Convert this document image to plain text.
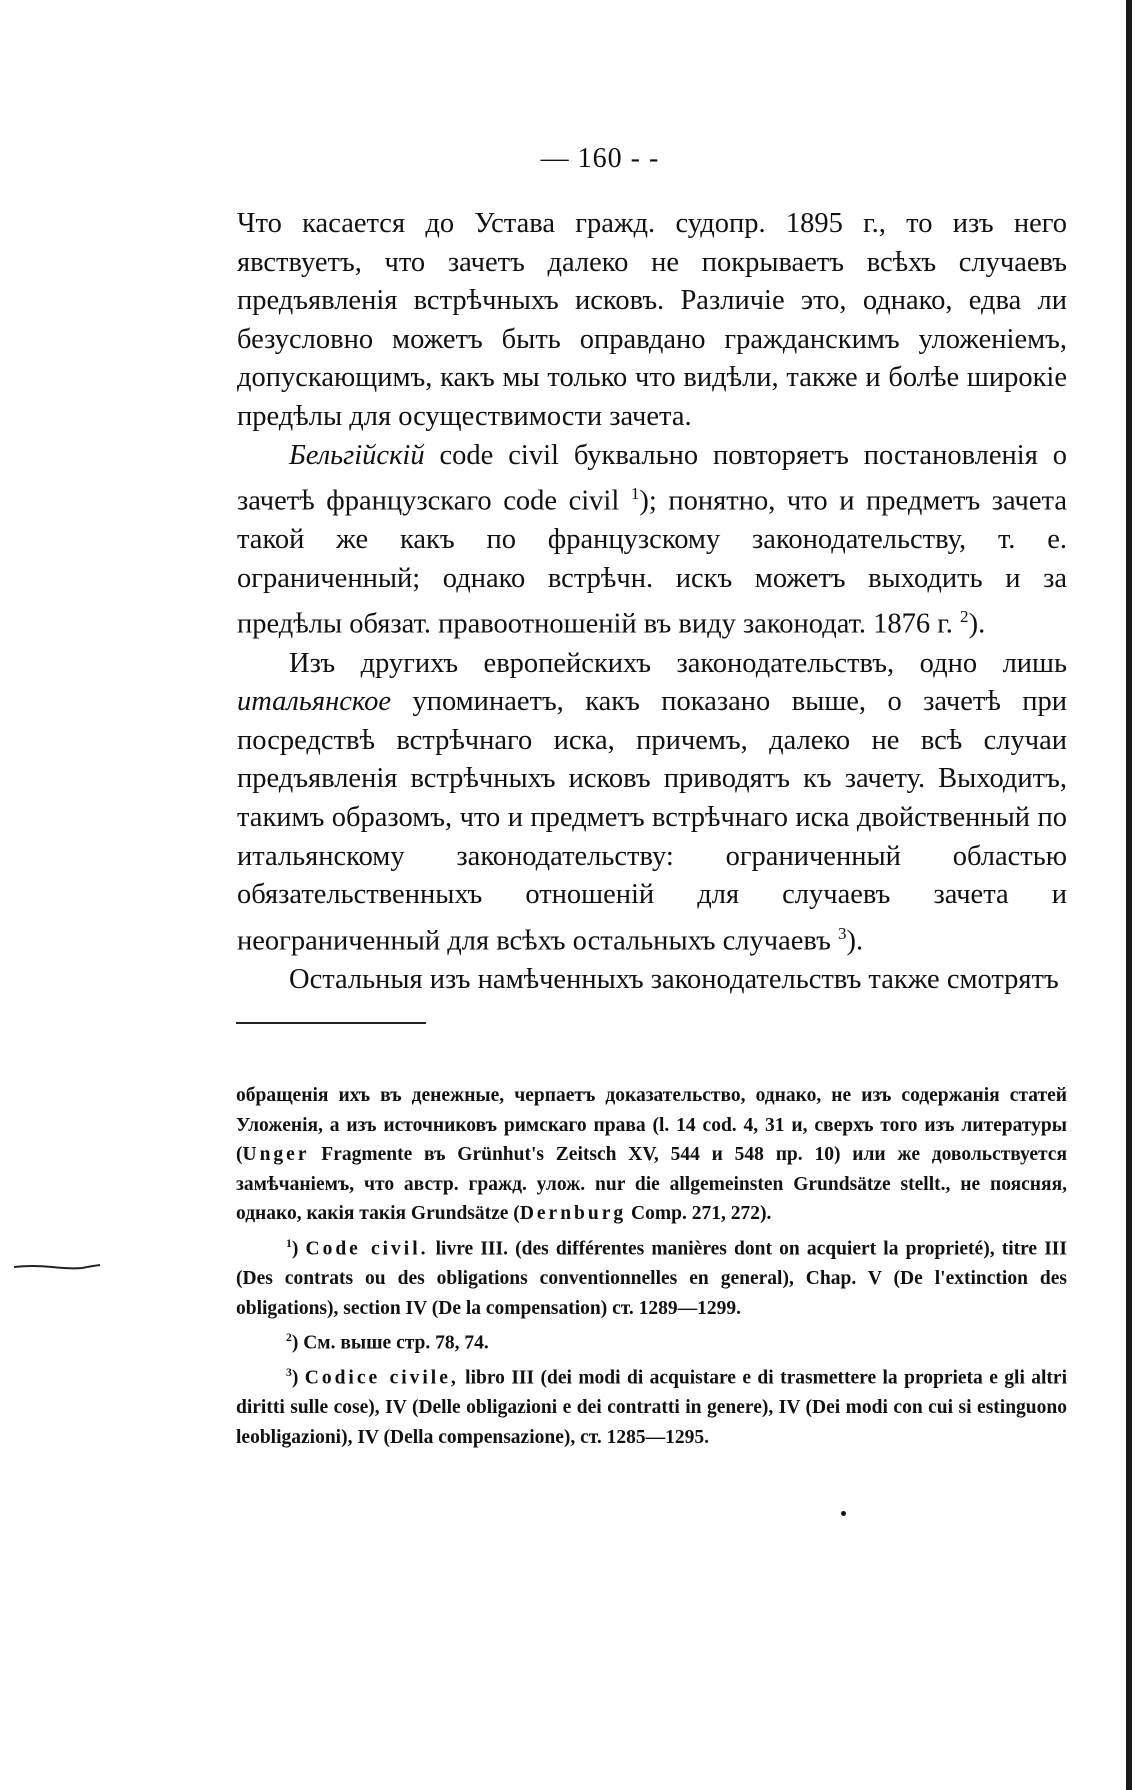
— 160 - -

Что касается до Устава гражд. судопр. 1895 г., то изъ него явствуетъ, что зачетъ далеко не покрываетъ всѣхъ случаевъ предъявленія встрѣчныхъ исковъ. Различіе это, однако, едва ли безусловно можетъ быть оправдано гражданскимъ уложеніемъ, допускающимъ, какъ мы только что видѣли, также и болѣе широкіе предѣлы для осуществимости зачета.

Бельгійскій code civil буквально повторяетъ постановленія о зачетѣ французскаго code civil $^1$); понятно, что и предметъ зачета такой же какъ по французскому законодательству, т. е. ограниченный; однако встрѣчн. искъ можетъ выходить и за предѣлы обязат. правоотношеній въ виду законодат. 1876 г. $^2$).

Изъ другихъ европейскихъ законодательствъ, одно лишь итальянское упоминаетъ, какъ показано выше, о зачетѣ при посредствѣ встрѣчнаго иска, причемъ, далеко не всѣ случаи предъявленія встрѣчныхъ исковъ приводятъ къ зачету. Выходитъ, такимъ образомъ, что и предметъ встрѣчнаго иска двойственный по итальянскому законодательству: ограниченный областью обязательственныхъ отношеній для случаевъ зачета и неограниченный для всѣхъ остальныхъ случаевъ $^3$).

Остальныя изъ намѣченныхъ законодательствъ также смотрятъ

обращенія ихъ въ денежные, черпаетъ доказательство, однако, не изъ содержанія статей Уложенія, а изъ источниковъ римскаго права (l. 14 cod. 4, 31 и, сверхъ того изъ литературы (Unger Fragmente въ Grünhut's Zeitsch XV, 544 и 548 пр. 10) или же довольствуется замѣчаніемъ, что австр. гражд. улож. nur die allgemeinsten Grundsätze stellt., не поясняя, однако, какія такія Grundsätze (Dernburg Comp. 271, 272).

$^1$) Code civil. livre III. (des différentes manières dont on acquiert la proprieté), titre III (Des contrats ou des obligations conventionnelles en general), Chap. V (De l'extinction des obligations), section IV (De la compensation) ст. 1289—1299.

$^2$) См. выше стр. 78, 74.

$^3$) Codice civile, libro III (dei modi di acquistare e di trasmettere la proprieta e gli altri diritti sulle cose), IV (Delle obligazioni e dei contratti in genere), IV (Dei modi con cui si estinguono leobligazioni), IV (Della compensazione), ст. 1285—1295.
